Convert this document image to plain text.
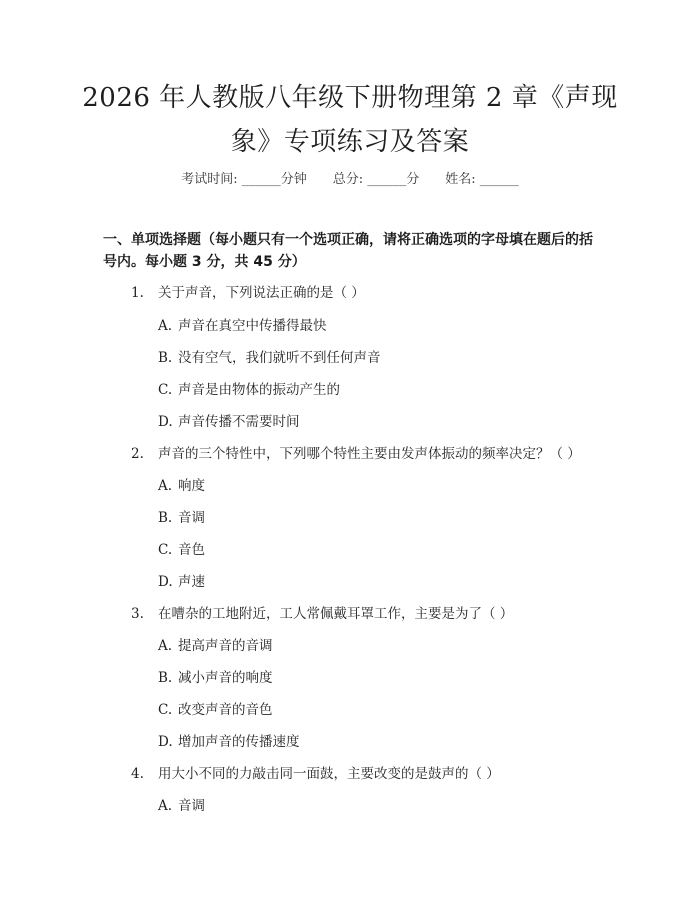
2026 年人教版八年级下册物理第 2 章《声现
象》专项练习及答案
考试时间: ______分钟 总分: ______分 姓名: ______
一、单项选择题（每小题只有一个选项正确，请将正确选项的字母填在题后的括号内。每小题 3 分，共 45 分）
1. 关于声音，下列说法正确的是（ ）
A. 声音在真空中传播得最快
B. 没有空气，我们就听不到任何声音
C. 声音是由物体的振动产生的
D. 声音传播不需要时间
2. 声音的三个特性中，下列哪个特性主要由发声体振动的频率决定？（ ）
A. 响度
B. 音调
C. 音色
D. 声速
3. 在嘈杂的工地附近，工人常佩戴耳罩工作，主要是为了（ ）
A. 提高声音的音调
B. 减小声音的响度
C. 改变声音的音色
D. 增加声音的传播速度
4. 用大小不同的力敲击同一面鼓，主要改变的是鼓声的（ ）
A. 音调
